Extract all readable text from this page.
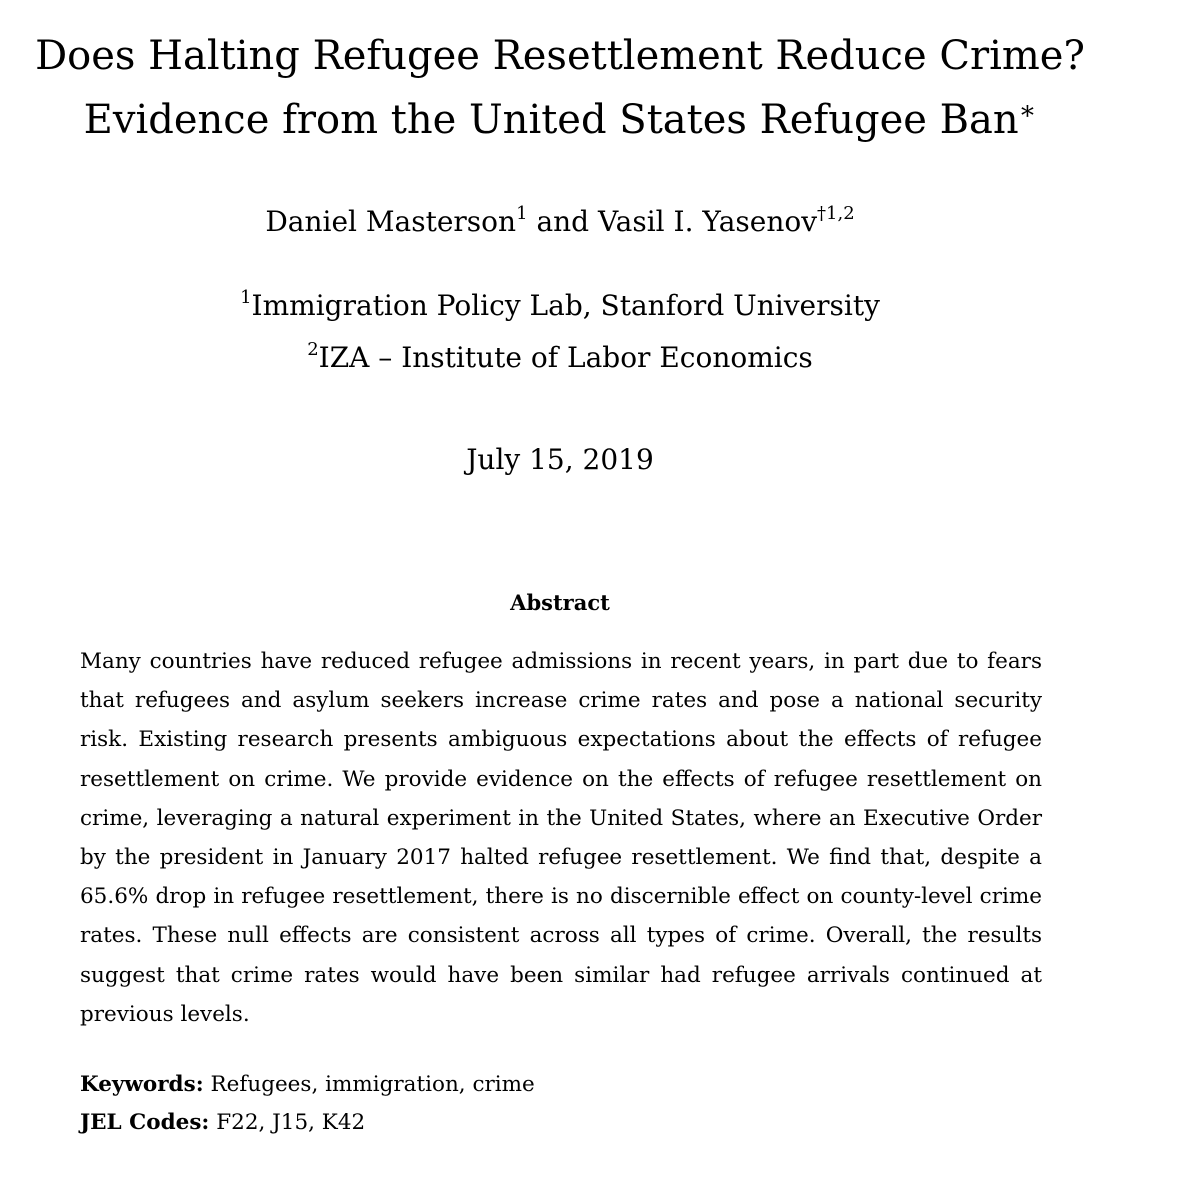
Does Halting Refugee Resettlement Reduce Crime?
Evidence from the United States Refugee Ban∗
Daniel Masterson$^1$ and Vasil I. Yasenov$^{\dagger 1,2}$
$^1$Immigration Policy Lab, Stanford University
$^2$IZA – Institute of Labor Economics
July 15, 2019
Abstract

Many countries have reduced refugee admissions in recent years, in part due to fears that refugees and asylum seekers increase crime rates and pose a national security risk. Existing research presents ambiguous expectations about the effects of refugee resettlement on crime. We provide evidence on the effects of refugee resettlement on crime, leveraging a natural experiment in the United States, where an Executive Order by the president in January 2017 halted refugee resettlement. We find that, despite a 65.6% drop in refugee resettlement, there is no discernible effect on county-level crime rates. These null effects are consistent across all types of crime. Overall, the results suggest that crime rates would have been similar had refugee arrivals continued at previous levels.

Keywords: Refugees, immigration, crime
JEL Codes: F22, J15, K42
